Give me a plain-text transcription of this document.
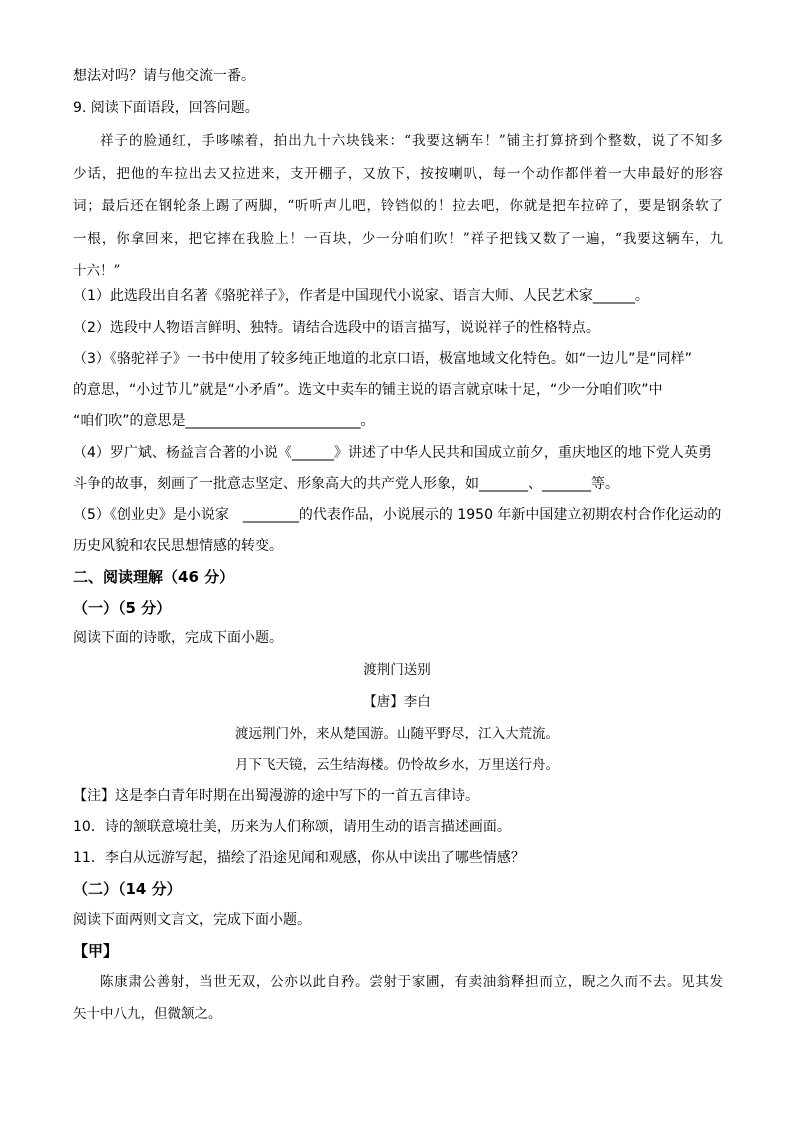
想法对吗？请与他交流一番。
9. 阅读下面语段，回答问题。
祥子的脸通红，手哆嗦着，拍出九十六块钱来：“我要这辆车！”铺主打算挤到个整数，说了不知多
少话，把他的车拉出去又拉进来，支开棚子，又放下，按按喇叭，每一个动作都伴着一大串最好的形容
词；最后还在钢轮条上踢了两脚，“听听声儿吧，铃铛似的！拉去吧，你就是把车拉碎了，要是钢条软了
一根，你拿回来，把它摔在我脸上！一百块，少一分咱们吹！”祥子把钱又数了一遍，“我要这辆车，九
十六！”
（1）此选段出自名著《骆驼祥子》，作者是中国现代小说家、语言大师、人民艺术家______。
（2）选段中人物语言鲜明、独特。请结合选段中的语言描写，说说祥子的性格特点。
（3）《骆驼祥子》一书中使用了较多纯正地道的北京口语，极富地域文化特色。如“一边儿”是“同样”
的意思，“小过节儿”就是“小矛盾”。选文中卖车的铺主说的语言就京味十足，“少一分咱们吹”中
“咱们吹”的意思是_________________________。
（4）罗广斌、杨益言合著的小说《______》讲述了中华人民共和国成立前夕，重庆地区的地下党人英勇
斗争的故事，刻画了一批意志坚定、形象高大的共产党人形象，如_______、_______等。
（5）《创业史》是小说家　________的代表作品，小说展示的 1950 年新中国建立初期农村合作化运动的
历史风貌和农民思想情感的转变。
二、阅读理解（46 分）
（一）（5 分）
阅读下面的诗歌，完成下面小题。
渡荆门送别
【唐】李白
渡远荆门外，来从楚国游。山随平野尽，江入大荒流。
月下飞天镜，云生结海楼。仍怜故乡水，万里送行舟。
【注】这是李白青年时期在出蜀漫游的途中写下的一首五言律诗。
10．诗的颔联意境壮美，历来为人们称颂，请用生动的语言描述画面。
11．李白从远游写起，描绘了沿途见闻和观感，你从中读出了哪些情感？
（二）（14 分）
阅读下面两则文言文，完成下面小题。
【甲】
陈康肃公善射，当世无双，公亦以此自矜。尝射于家圃，有卖油翁释担而立，睨之久而不去。见其发
矢十中八九，但微颔之。
